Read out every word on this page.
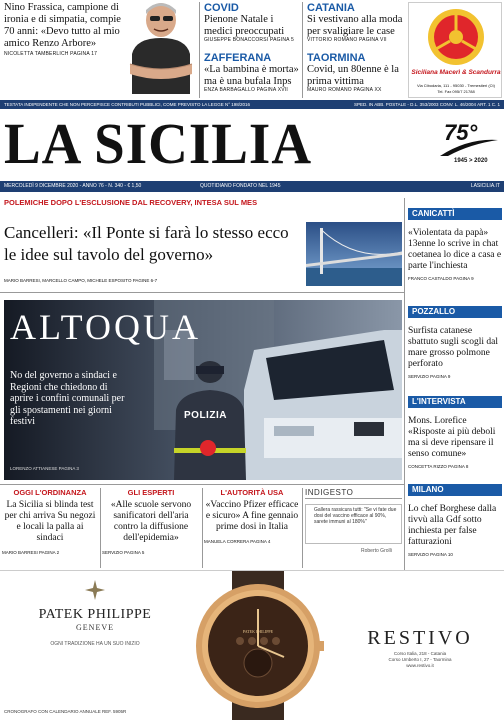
Nino Frassica, campione di ironia e di simpatia, compie 70 anni: «Devo tutto al mio amico Renzo Arbore»
NICOLETTA TAMBERLICH PAGINA 17
COVID
Pienone Natale i medici preoccupati
GIUSEPPE BONACCORSI PAGINA 5
ZAFFERANA
«La bambina è morta» ma è una bufala Inps
ENZA BARBAGALLO PAGINA XVII
CATANIA
Si vestivano alla moda per svaligiare le case
VITTORIO ROMANO PAGINA VII
TAORMINA
Covid, un 80enne è la prima vittima
MAURO ROMANO PAGINA XX
Siciliana Macerì & Scandurra
Via Cibodaria, 111 - 95030 - Tremestieri (Ct)
Tel. Fax 095/7 21788
TESTATA INDIPENDENTE CHE NON PERCEPISCE CONTRIBUTI PUBBLICI, COME PREVISTO LA LEGGE N° 198/2016	SPED. IN ABB. POSTALE - D.L. 353/2003 CONV. L. 46/2004 ART. 1 C. 1
LA SICILIA	75°
1945 > 2020
MERCOLEDÌ 9 DICEMBRE 2020 - ANNO 76 - N. 340 - € 1,50	QUOTIDIANO FONDATO NEL 1945	LASICILIA.IT
POLEMICHE DOPO L'ESCLUSIONE DAL RECOVERY, INTESA SUL MES
Cancelleri: «Il Ponte si farà lo stesso ecco le idee sul tavolo del governo»
MARIO BARRESI, MARCELLO CAMPO, MICHELE ESPOSITO PAGINE 6-7
ALTOQUA
No del governo a sindaci e Regioni che chiedono di aprire i confini comunali per gli spostamenti nei giorni festivi
LORENZO ATTIANESE PAGINA 3
POLIZIA
CANICATTÌ
«Violentata da papà» 13enne lo scrive in chat coetanea lo dice a casa e parte l'inchiesta
FRANCO CASTALDO PAGINA 9
POZZALLO
Surfista catanese sbattuto sugli scogli dal mare grosso polmone perforato
SERVIZIO PAGINA 9
L'INTERVISTA
Mons. Lorefice «Risposte ai più deboli ma si deve ripensare il senso comune»
CONCETTA RIZZO PAGINA 8
MILANO
Lo chef Borghese dalla tivvù alla Gdf sotto inchiesta per false fatturazioni
SERVIZIO PAGINA 10
OGGI L'ORDINANZA
La Sicilia si blinda test per chi arriva Su negozi e locali la palla ai sindaci
MARIO BARRESI PAGINA 2
GLI ESPERTI
«Alle scuole servono sanificatori dell'aria contro la diffusione dell'epidemia»
SERVIZIO PAGINA 5
L'AUTORITÀ USA
«Vaccino Pfizer efficace e sicuro» A fine gennaio prime dosi in Italia
MANUELA CORRERA PAGINA 4
INDIGESTO
Gallera rassicura tutti: "Se vi fate due dosi del vaccino efficace al 90%, sarete immuni al 180%"
Roberto Grolli
PATEK PHILIPPE
GENEVE
OGNI TRADIZIONE HA UN SUO INIZIO
CRONOGRAFO CON CALENDARIO ANNUALE REF. 5905R
PATEK PHILIPPE	RESTIVO
Corso Italia, 218 - Catania
Corso Umberto I, 27 - Taormina
www.restivo.it
